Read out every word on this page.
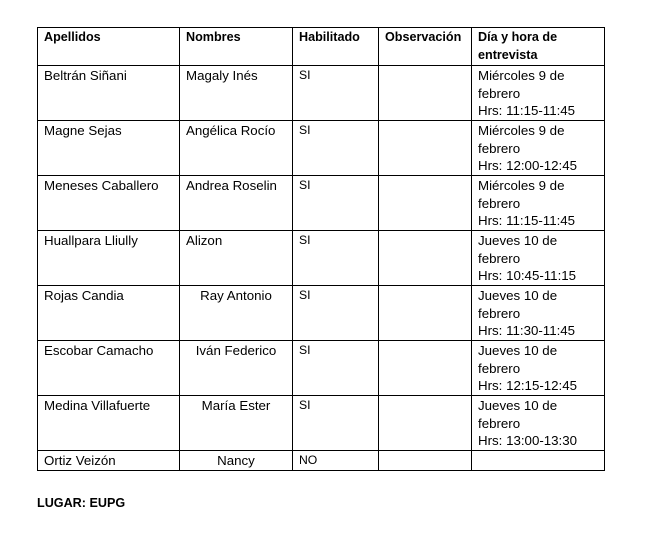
Apellidos	Nombres	Habilitado	Observación	Día y hora de entrevista
Beltrán Siñani	Magaly Inés	SI		Miércoles 9 de
febrero
Hrs: 11:15-11:45

Magne Sejas	Angélica Rocío	SI		Miércoles 9 de
febrero
Hrs: 12:00-12:45

Meneses Caballero	Andrea Roselin	SI		Miércoles 9 de
febrero
Hrs: 11:15-11:45

Huallpara Lliully	Alizon	SI		Jueves 10 de
febrero
Hrs: 10:45-11:15

Rojas Candia	Ray Antonio	SI		Jueves 10 de
febrero
Hrs: 11:30-11:45

Escobar Camacho	Iván Federico	SI		Jueves 10 de
febrero
Hrs: 12:15-12:45

Medina Villafuerte	María Ester	SI		Jueves 10 de
febrero
Hrs: 13:00-13:30

Ortiz Veizón	Nancy	NO		
LUGAR: EUPG
